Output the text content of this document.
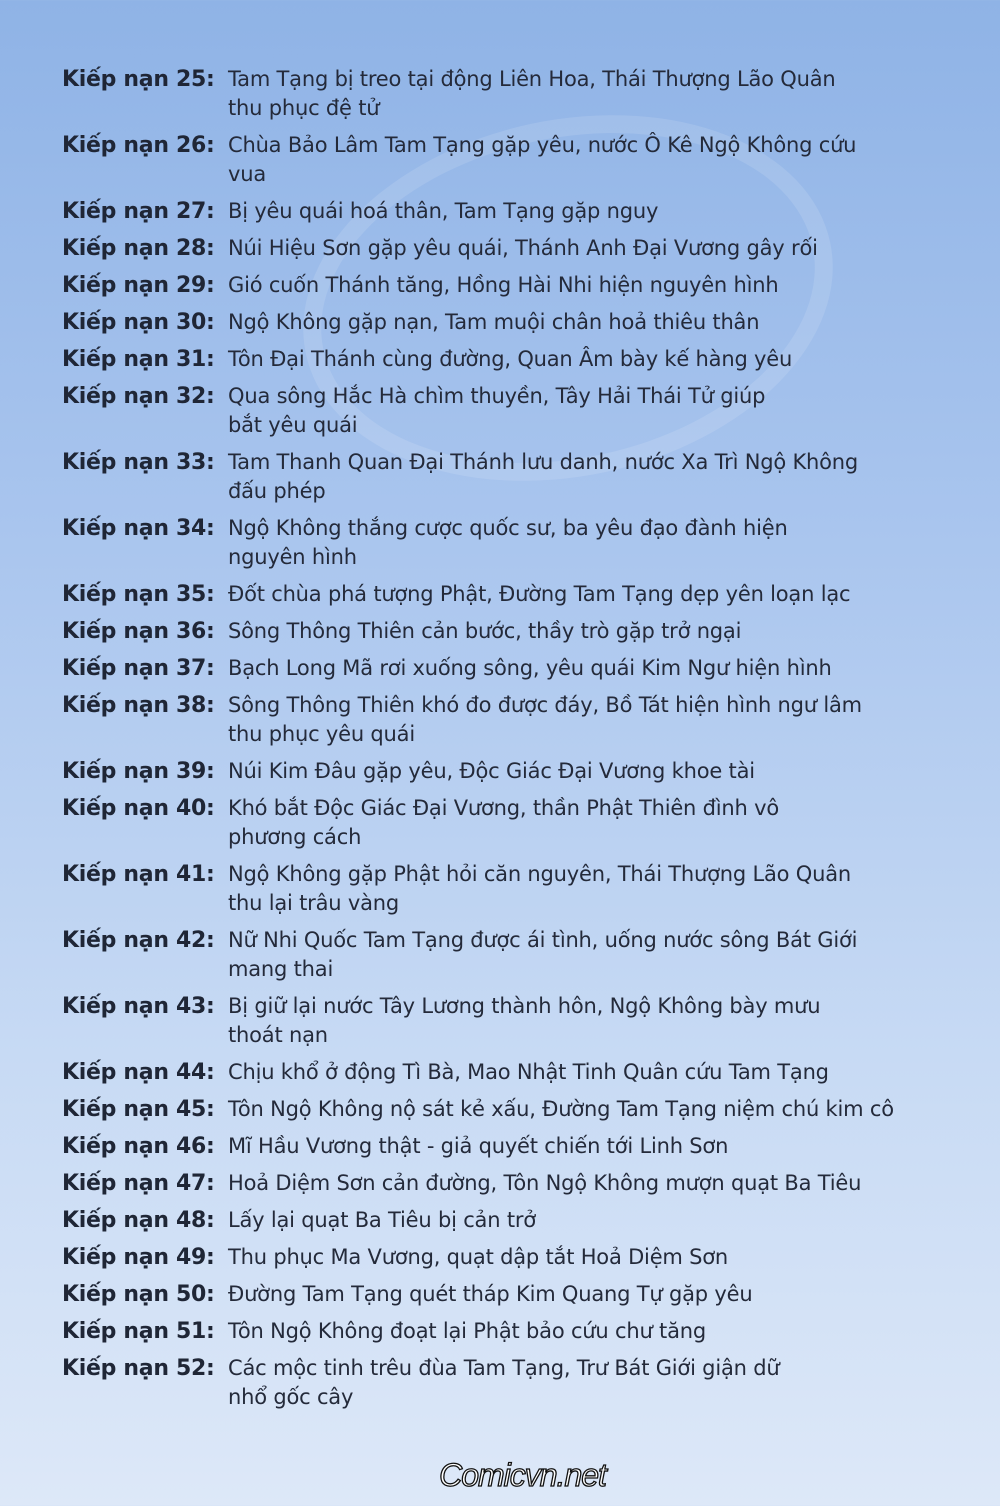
Kiếp nạn 25: Tam Tạng bị treo tại động Liên Hoa, Thái Thượng Lão Quân thu phục đệ tử
Kiếp nạn 26: Chùa Bảo Lâm Tam Tạng gặp yêu, nước Ô Kê Ngộ Không cứu vua
Kiếp nạn 27: Bị yêu quái hoá thân, Tam Tạng gặp nguy
Kiếp nạn 28: Núi Hiệu Sơn gặp yêu quái, Thánh Anh Đại Vương gây rối
Kiếp nạn 29: Gió cuốn Thánh tăng, Hồng Hài Nhi hiện nguyên hình
Kiếp nạn 30: Ngộ Không gặp nạn, Tam muội chân hoả thiêu thân
Kiếp nạn 31: Tôn Đại Thánh cùng đường, Quan Âm bày kế hàng yêu
Kiếp nạn 32: Qua sông Hắc Hà chìm thuyền, Tây Hải Thái Tử giúp bắt yêu quái
Kiếp nạn 33: Tam Thanh Quan Đại Thánh lưu danh, nước Xa Trì Ngộ Không đấu phép
Kiếp nạn 34: Ngộ Không thắng cược quốc sư, ba yêu đạo đành hiện nguyên hình
Kiếp nạn 35: Đốt chùa phá tượng Phật, Đường Tam Tạng dẹp yên loạn lạc
Kiếp nạn 36: Sông Thông Thiên cản bước, thầy trò gặp trở ngại
Kiếp nạn 37: Bạch Long Mã rơi xuống sông, yêu quái Kim Ngư hiện hình
Kiếp nạn 38: Sông Thông Thiên khó đo được đáy, Bồ Tát hiện hình ngư lâm thu phục yêu quái
Kiếp nạn 39: Núi Kim Đâu gặp yêu, Độc Giác Đại Vương khoe tài
Kiếp nạn 40: Khó bắt Độc Giác Đại Vương, thần Phật Thiên đình vô phương cách
Kiếp nạn 41: Ngộ Không gặp Phật hỏi căn nguyên, Thái Thượng Lão Quân thu lại trâu vàng
Kiếp nạn 42: Nữ Nhi Quốc Tam Tạng được ái tình, uống nước sông Bát Giới mang thai
Kiếp nạn 43: Bị giữ lại nước Tây Lương thành hôn, Ngộ Không bày mưu thoát nạn
Kiếp nạn 44: Chịu khổ ở động Tì Bà, Mao Nhật Tinh Quân cứu Tam Tạng
Kiếp nạn 45: Tôn Ngộ Không nộ sát kẻ xấu, Đường Tam Tạng niệm chú kim cô
Kiếp nạn 46: Mĩ Hầu Vương thật - giả quyết chiến tới Linh Sơn
Kiếp nạn 47: Hoả Diệm Sơn cản đường, Tôn Ngộ Không mượn quạt Ba Tiêu
Kiếp nạn 48: Lấy lại quạt Ba Tiêu bị cản trở
Kiếp nạn 49: Thu phục Ma Vương, quạt dập tắt Hoả Diệm Sơn
Kiếp nạn 50: Đường Tam Tạng quét tháp Kim Quang Tự gặp yêu
Kiếp nạn 51: Tôn Ngộ Không đoạt lại Phật bảo cứu chư tăng
Kiếp nạn 52: Các mộc tinh trêu đùa Tam Tạng, Trư Bát Giới giận dữ nhổ gốc cây
Comicvn.net
